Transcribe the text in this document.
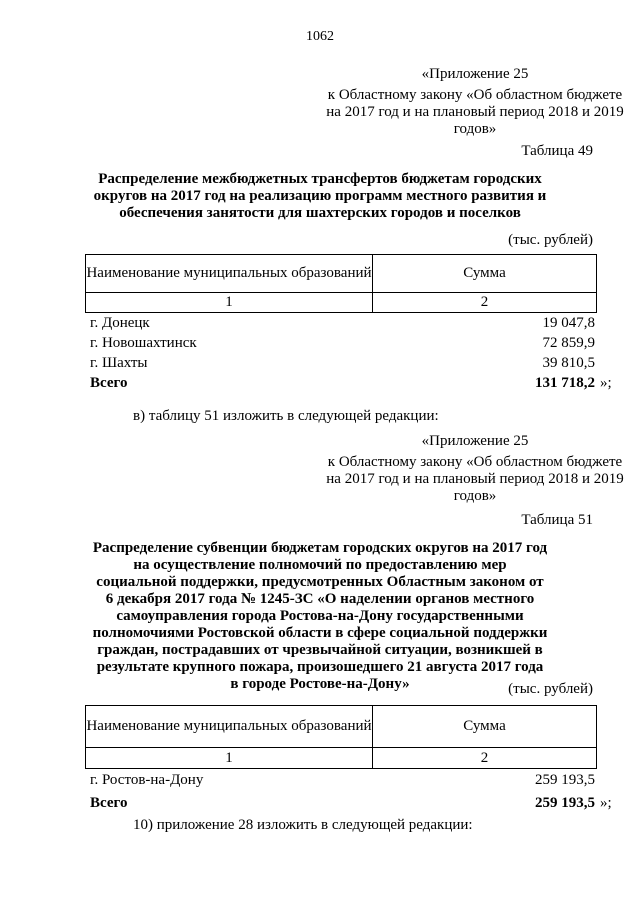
1062
«Приложение 25
к Областному закону «Об областном бюджете на 2017 год и на плановый период 2018 и 2019 годов»
Таблица 49
Распределение межбюджетных трансфертов бюджетам городских округов на 2017 год на реализацию программ местного развития и обеспечения занятости для шахтерских городов и поселков
(тыс. рублей)
Наименование муниципальных образований	Сумма
1	2
г. Донецк	19 047,8
г. Новошахтинск	72 859,9
г. Шахты	39 810,5
Всего	131 718,2 »;
в) таблицу 51 изложить в следующей редакции:
«Приложение 25
к Областному закону «Об областном бюджете на 2017 год и на плановый период 2018 и 2019 годов»
Таблица 51
Распределение субвенции бюджетам городских округов на 2017 год на осуществление полномочий по предоставлению мер социальной поддержки, предусмотренных Областным законом от 6 декабря 2017 года № 1245-ЗС «О наделении органов местного самоуправления города Ростова-на-Дону государственными полномочиями Ростовской области в сфере социальной поддержки граждан, пострадавших от чрезвычайной ситуации, возникшей в результате крупного пожара, произошедшего 21 августа 2017 года в городе Ростове-на-Дону»	(тыс. рублей)
Наименование муниципальных образований	Сумма
1	2
г. Ростов-на-Дону	259 193,5
Всего	259 193,5 »;
10) приложение 28 изложить в следующей редакции:
